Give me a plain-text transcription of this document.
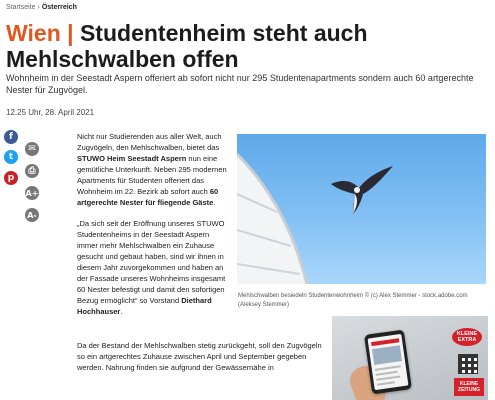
Startseite › Österreich
Wien | Studentenheim steht auch Mehlschwalben offen

Wohnheim in der Seestadt Aspern offeriert ab sofort nicht nur 295 Studentenapartments sondern auch 60 artgerechte Nester für Zugvögel.

12.25 Uhr, 28. April 2021
f
✉
t
⎙
p
A+
A-

Nicht nur Studierenden aus aller Welt, auch Zugvögeln, den Mehlschwalben, bietet das STUWO Heim Seestadt Aspern nun eine gemütliche Unterkunft. Neben 295 modernen Apartments für Studenten offeriert das Wohnheim im 22. Bezirk ab sofort auch 60 artgerechte Nester für fliegende Gäste.

„Da sich seit der Eröffnung unseres STUWO Studentenheims in der Seestadt Aspern immer mehr Mehlschwalben ein Zuhause gesucht und gebaut haben, sind wir ihnen in diesem Jahr zuvorgekommen und haben an der Fassade unseres Wohnheims insgesamt 60 Nester befestigt und damit den sofortigen Bezug ermöglicht“ so Vorstand Diethard Hochhauser.

Da der Bestand der Mehlschwalben stetig zurückgeht, soll den Zugvögeln so ein artgerechtes Zuhause zwischen April und September gegeben werden. Nahrung finden sie aufgrund der Gewässernähe in

Mehlschwalben besiedeln Studentenwohnheim © (c) Alex Stemmer - stock.adobe.com (Aleksey Stemmer)
KLEINE
EXTRA
KLEINE
ZEITUNG
